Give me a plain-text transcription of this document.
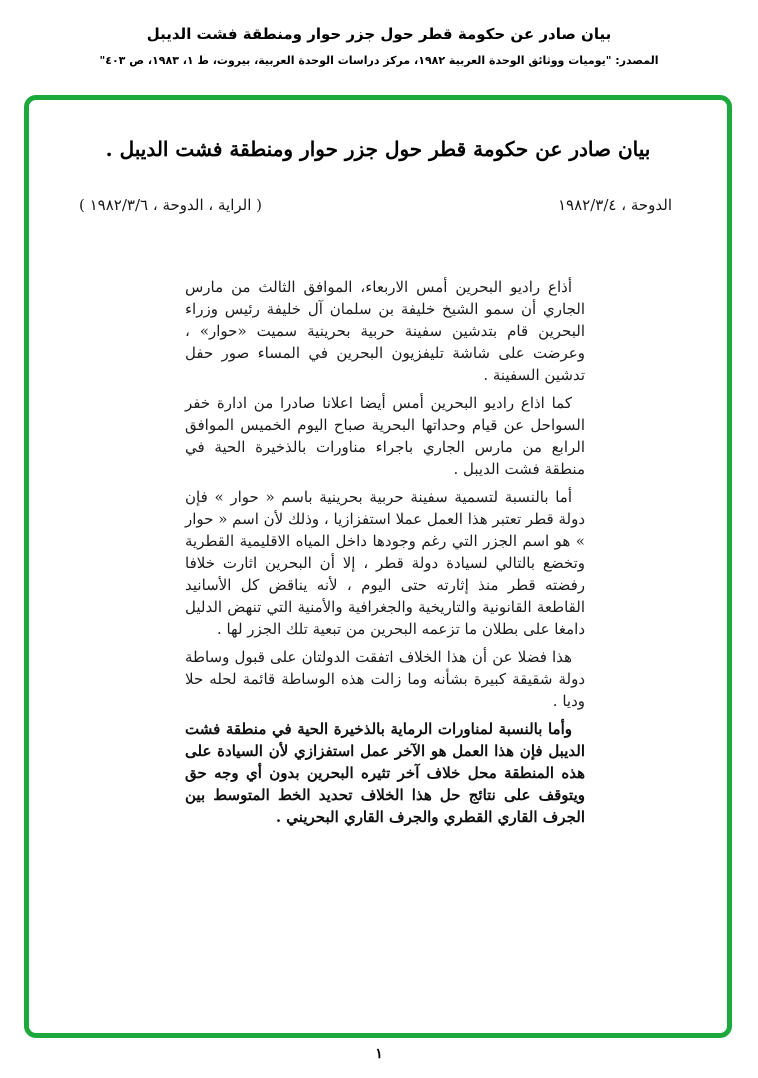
بيان صادر عن حكومة قطر حول جزر حوار ومنطقة فشت الديبل
المصدر: "يوميات ووثائق الوحدة العربية ١٩٨٢، مركز دراسات الوحدة العربية، بيروت، ط ١، ١٩٨٣، ص ٤٠٣"
بيان صادر عن حكومة قطر حول جزر حوار ومنطقة فشت الديبل .
الدوحة ، ١٩٨٢/٣/٤
( الراية ، الدوحة ، ١٩٨٢/٣/٦ )

أذاع راديو البحرين أمس الاربعاء، الموافق الثالث من مارس الجاري أن سمو الشيخ خليفة بن سلمان آل خليفة رئيس وزراء البحرين قام بتدشين سفينة حربية بحرينية سميت «حوار» ، وعرضت على شاشة تليفزيون البحرين في المساء صور حفل تدشين السفينة .

كما اذاع راديو البحرين أمس أيضا اعلانا صادرا من ادارة خفر السواحل عن قيام وحداتها البحرية صباح اليوم الخميس الموافق الرابع من مارس الجاري باجراء مناورات بالذخيرة الحية في منطقة فشت الديبل .

أما بالنسبة لتسمية سفينة حربية بحرينية باسم « حوار » فإن دولة قطر تعتبر هذا العمل عملا استفزازيا ، وذلك لأن اسم « حوار » هو اسم الجزر التي رغم وجودها داخل المياه الاقليمية القطرية وتخضع بالتالي لسيادة دولة قطر ، إلا أن البحرين اثارت خلافا رفضته قطر منذ إثارته حتى اليوم ، لأنه يناقض كل الأسانيد القاطعة القانونية والتاريخية والجغرافية والأمنية التي تنهض الدليل دامغا على بطلان ما تزعمه البحرين من تبعية تلك الجزر لها .

هذا فضلا عن أن هذا الخلاف اتفقت الدولتان على قبول وساطة دولة شقيقة كبيرة بشأنه وما زالت هذه الوساطة قائمة لحله حلا وديا .

وأما بالنسبة لمناورات الرماية بالذخيرة الحية في منطقة فشت الديبل فإن هذا العمل هو الآخر عمل استفزازي لأن السيادة على هذه المنطقة محل خلاف آخر تثيره البحرين بدون أي وجه حق ويتوقف على نتائج حل هذا الخلاف تحديد الخط المتوسط بين الجرف القاري القطري والجرف القاري البحريني .

١
